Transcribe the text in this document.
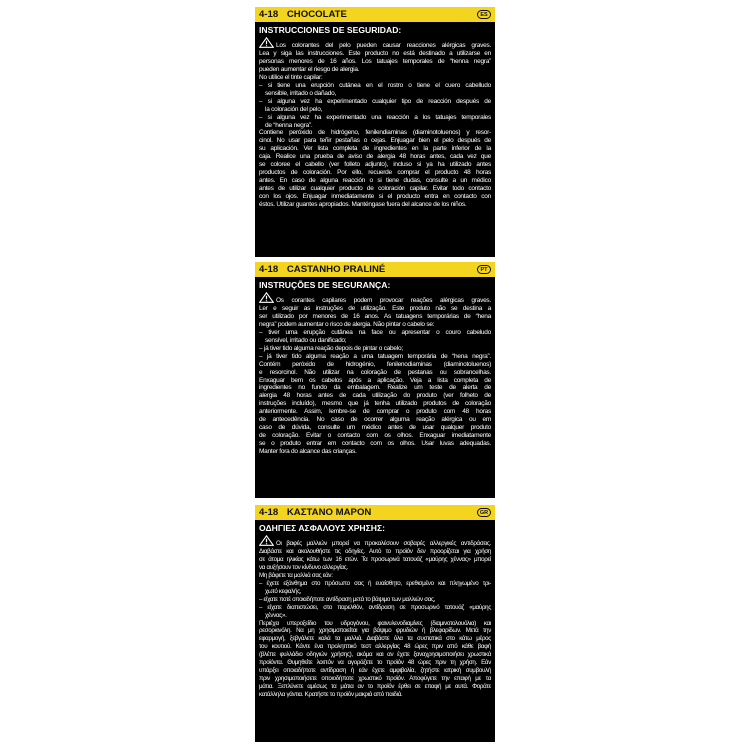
4-18 CHOCOLATE	ES
INSTRUCCIONES DE SEGURIDAD:
Los colorantes del pelo pueden causar reacciones alérgicas graves.
Lea y siga las instrucciones. Este producto no está destinado a utilizarse en
personas menores de 16 años. Los tatuajes temporales de “henna negra”
pueden aumentar el riesgo de alergia.
No utilice el tinte capilar:
– si tiene una erupción cutánea en el rostro o tiene el cuero cabelludo
sensible, irritado o dañado,
– si alguna vez ha experimentado cualquier tipo de reacción después de
la coloración del pelo,
– si alguna vez ha experimentado una reacción a los tatuajes temporales
de “henna negra”.
Contiene peróxido de hidrógeno, fenilendiaminas (diaminotoluenos) y resor-
cinol. No usar para teñir pestañas o cejas. Enjuagar bien el pelo después de
su aplicación. Ver lista completa de ingredientes en la parte inferior de la
caja. Realice una prueba de aviso de alergia 48 horas antes, cada vez que
se coloree el cabello (ver folleto adjunto), incluso si ya ha utilizado antes
productos de coloración. Por ello, recuerde comprar el producto 48 horas
antes. En caso de alguna reacción o si tiene dudas, consulte a un médico
antes de utilizar cualquier producto de coloración capilar. Evitar todo contacto
con los ojos. Enjuagar inmediatamente si el producto entra en contacto con
éstos. Utilizar guantes apropiados. Manténgase fuera del alcance de los niños.
4-18 CASTANHO PRALINÉ	PT
INSTRUÇÕES DE SEGURANÇA:
Os corantes capilares podem provocar reações alérgicas graves.
Ler e seguir as instruções de utilização. Este produto não se destina a
ser utilizado por menores de 16 anos. As tatuagens temporárias de “hena
negra” podem aumentar o risco de alergia. Não pintar o cabelo se:
– tiver uma erupção cutânea na face ou apresentar o couro cabeludo
sensível, irritado ou danificado;
– já tiver tido alguma reação depois de pintar o cabelo;
– já tiver tido alguma reação a uma tatuagem temporária de “hena negra”.
Contém peróxido de hidrogénio, fenilenodiaminas (diaminotoluenos)
e resorcinol. Não utilizar na coloração de pestanas ou sobrancelhas.
Enxaguar bem os cabelos após a aplicação. Veja a lista completa de
ingredientes no fundo da embalagem. Realize um teste de alerta de
alergia 48 horas antes de cada utilização do produto (ver folheto de
instruções incluído), mesmo que já tenha utilizado produtos de coloração
anteriormente. Assim, lembre-se de comprar o produto com 48 horas
de antecedência. No caso de ocorrer alguma reação alérgica ou em
caso de dúvida, consulte um médico antes de usar qualquer produto
de coloração. Evitar o contacto com os olhos. Enxaguar imediatamente
se o produto entrar em contacto com os olhos. Usar luvas adequadas.
Manter fora do alcance das crianças.
4-18 ΚΑΣΤΑΝΟ ΜΑΡΟΝ	GR
ΟΔΗΓΙΕΣ ΑΣΦΑΛΟΥΣ ΧΡΗΣΗΣ:
Οι βαφές μαλλιών μπορεί να προκαλέσουν σοβαρές αλλεργικές αντιδράσεις.
Διαβάστε και ακολουθήστε τις οδηγίες. Αυτό το προϊόν δεν προορίζεται για χρήση
σε άτομα ηλικίας κάτω των 16 ετών. Τα προσωρινά τατουάζ «μαύρης χέννας» μπορεί
να αυξήσουν τον κίνδυνο αλλεργίας.
Μη βάφετε τα μαλλιά σας εάν:
– έχετε εξάνθημα στο πρόσωπο σας ή ευαίσθητο, ερεθισμένο και πληγωμένο τρι-
χωτό κεφαλής,
– είχατε ποτέ οποιαδήποτε αντίδραση μετά το βάψιμο των μαλλιών σας,
– είχατε διαπιστώσει, στο παρελθόν, αντίδραση σε προσωρινό τατουάζ «μαύρης
χέννας».
Περιέχει υπεροξείδιο του υδρογόνου, φαινυλενοδιαμίνες (διαμινοτολουόλια) και
ρεσορκινόλη. Να μη χρησιμοποιείται για βάψιμο φρυδιών ή βλεφαρίδων. Μετά την
εφαρμογή, ξεβγάλετε καλά τα μαλλιά. Διαβάστε όλα τα συστατικά στο κάτω μέρος
του κουτιού. Κάντε ένα προληπτικό τεστ αλλεργίας 48 ώρες πριν από κάθε βαφή
(βλέπε φυλλάδιο οδηγιών χρήσης), ακόμα και αν έχετε ξαναχρησιμοποιήσει χρωστικά
προϊόντα. Θυμηθείτε λοιπόν να αγοράζετε το προϊόν 48 ώρες πριν τη χρήση. Εάν
υπάρξει οποιαδήποτε αντίδραση ή εάν έχετε αμφιβολία, ζητήστε ιατρική συμβουλή
πριν χρησιμοποιήσετε οποιοδήποτε χρωστικό προϊόν. Αποφύγετε την επαφή με τα
μάτια. Ξεπλύνετε αμέσως τα μάτια αν το προϊόν έρθει σε επαφή με αυτά. Φοράτε
κατάλληλα γάντια. Κρατήστε το προϊόν μακριά από παιδιά.
